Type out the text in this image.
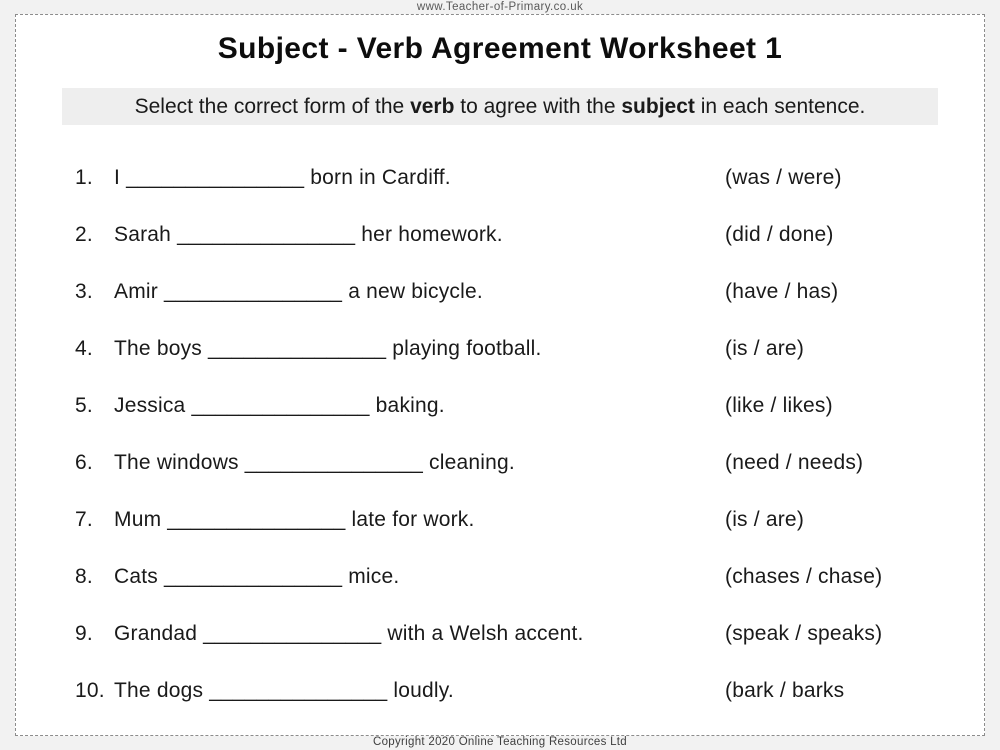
www.Teacher-of-Primary.co.uk
Subject - Verb Agreement Worksheet 1
Select the correct form of the verb to agree with the subject in each sentence.
1.	I _______________ born in Cardiff.	(was / were)
2.	Sarah _______________ her homework.	(did / done)
3.	Amir _______________ a new bicycle.	(have / has)
4.	The boys _______________ playing football.	(is / are)
5.	Jessica _______________ baking.	(like / likes)
6.	The windows _______________ cleaning.	(need / needs)
7.	Mum _______________ late for work.	(is / are)
8.	Cats _______________ mice.	(chases / chase)
9.	Grandad _______________ with a Welsh accent.	(speak / speaks)
10. The dogs _______________ loudly.	(bark / barks
Copyright 2020 Online Teaching Resources Ltd
